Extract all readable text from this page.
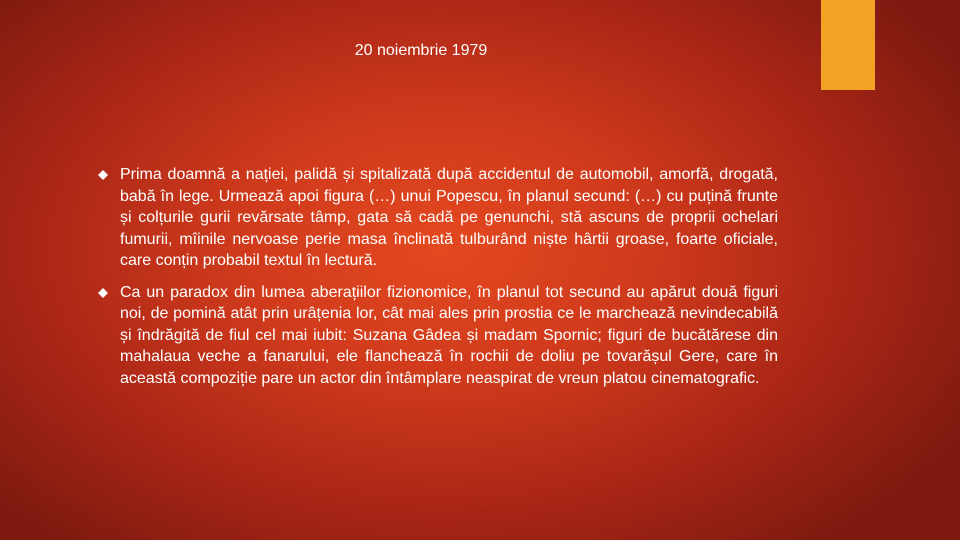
20 noiembrie 1979
Prima doamnă a nației, palidă și spitalizată după accidentul de automobil, amorfă, drogată, babă în lege. Urmează apoi figura (…) unui Popescu, în planul secund: (…) cu puțină frunte și colțurile gurii revărsate tâmp, gata să cadă pe genunchi, stă ascuns de proprii ochelari fumurii, mîinile nervoase perie masa înclinată tulburând niște hârtii groase, foarte oficiale, care conțin probabil textul în lectură.
Ca un paradox din lumea aberațiilor fizionomice, în planul tot secund au apărut două figuri noi, de pomină atât prin urâțenia lor, cât mai ales prin prostia ce le marchează nevindecabilă și îndrăgită de fiul cel mai iubit: Suzana Gâdea și madam Spornic; figuri de bucătărese din mahalaua veche a fanarului, ele flanchează în rochii de doliu pe tovarășul Gere, care în această compoziție pare un actor din întâmplare neaspirat de vreun platou cinematografic.
